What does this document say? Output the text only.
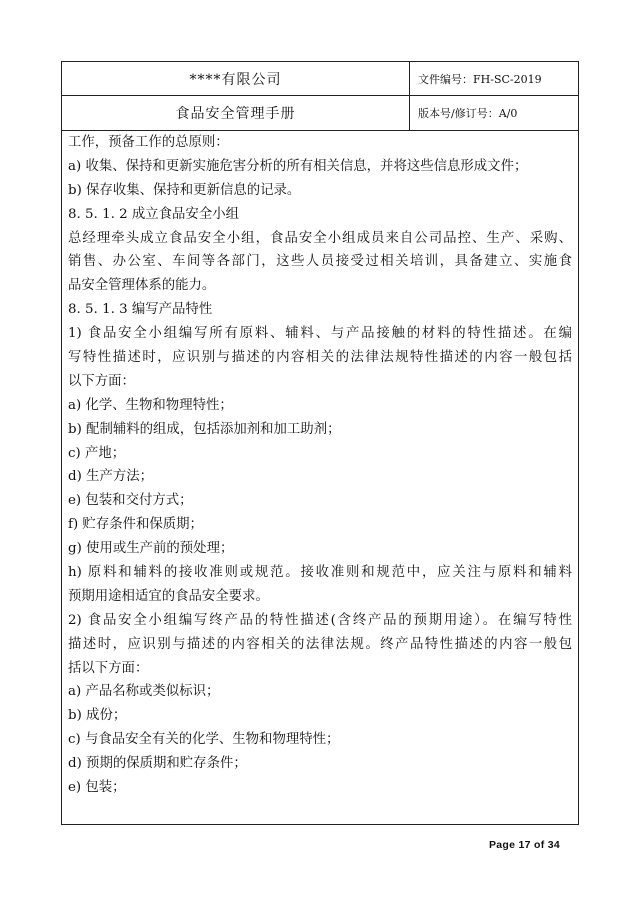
****有限公司	文件编号：FH-SC-2019
食品安全管理手册	版本号/修订号：A/0
工作，预备工作的总原则：
a) 收集、保持和更新实施危害分析的所有相关信息，并将这些信息形成文件；
b) 保存收集、保持和更新信息的记录。
8. 5. 1. 2 成立食品安全小组
总经理牵头成立食品安全小组，食品安全小组成员来自公司品控、生产、采购、
销售、办公室、车间等各部门，这些人员接受过相关培训，具备建立、实施食
品安全管理体系的能力。
8. 5. 1. 3 编写产品特性
1) 食品安全小组编写所有原料、辅料、与产品接触的材料的特性描述。在编
写特性描述时，应识别与描述的内容相关的法律法规特性描述的内容一般包括
以下方面：
a) 化学、生物和物理特性；
b) 配制辅料的组成，包括添加剂和加工助剂；
c) 产地；
d) 生产方法；
e) 包装和交付方式；
f) 贮存条件和保质期；
g) 使用或生产前的预处理；
h) 原料和辅料的接收准则或规范。接收准则和规范中，应关注与原料和辅料
预期用途相适宜的食品安全要求。
2) 食品安全小组编写终产品的特性描述(含终产品的预期用途）。在编写特性
描述时，应识别与描述的内容相关的法律法规。终产品特性描述的内容一般包
括以下方面：
a) 产品名称或类似标识；
b) 成份；
c) 与食品安全有关的化学、生物和物理特性；
d) 预期的保质期和贮存条件；
e) 包装；
Page 17 of 34
